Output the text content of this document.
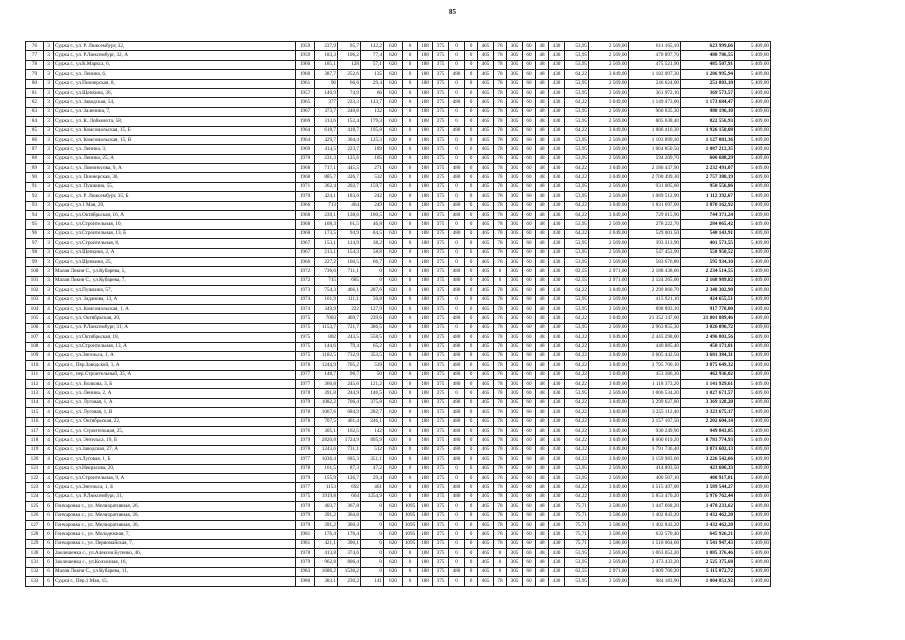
85
76	3	Суджа г., ул. Р. Люксембург, 32,	1959	237,9	95,7	142,2	620	0	188	375	0	0	465	78	305	60	48	430	53,95	2 569,00	611 165,10	623 999,66	5 409,00
77	3	Суджа г., ул. Р.Люксембург, 32, А	1959	183,3	106,2	77,4	620	0	188	375	0	0	465	78	305	60	48	430	53,95	2 569,00	470 897,70	480 786,55	5 409,00
78	3	Суджа г., ул.К.Маркса, 6,	1960	185,1	128	57,1	620	0	188	375	0	0	465	78	305	60	48	430	53,95	2 569,00	475 521,90	485 507,91	5 409,00
79	3	Суджа г., ул. Ленина, 6,	1960	387,7	252,6	135	620	0	188	375	480	0	465	78	305	60	48	430	64,22	3 049,00	1 182 097,30	1 206 995,94	5 409,00
80	3	Суджа г., ул.Пионерская, 8,	1961	96	66,6	29,4	620	0	188	375	0	0	465	78	305	60	48	430	53,95	2 569,00	246 624,00	251 803,10	5 409,00
81	3	Суджа г., ул.Щепкина, 36,	1957	140,9	74,9	66	620	0	188	375	0	0	465	78	305	60	48	430	53,95	2 569,00	361 972,10	369 573,57	5 409,00
82	3	Суджа г., ул. Заводская, 54,	1965	377	233,3	143,7	620	0	188	375	480	0	465	78	305	60	48	430	64,22	3 049,00	1 149 473,00	1 173 684,47	5 409,00
83	3	Суджа г., ул. Заленина, 7,	1967	373,7	240,8	132	620	0	188	375	0	0	465	78	305	60	48	430	53,95	2 569,00	960 035,30	980 196,10	5 409,00
84	3	Суджа г., ул. К. Либкнехта, 58,	1969	313,6	152,4	179,3	620	0	188	375	0	0	465	78	305	60	48	430	53,95	2 569,00	805 638,40	822 556,93	5 409,00
85	3	Суджа г., ул. Комсомольская, 15, Б	1964	618,7	418,7	195,8	620	0	188	375	480	0	465	78	305	60	48	430	64,22	3 049,00	1 886 416,30	1 926 150,08	5 409,00
86	3	Суджа г., ул. Комсомольская, 15, В	1964	429,7	304,4	125,3	620	0	188	375	0	0	465	78	305	60	48	430	53,95	2 569,00	1 103 899,30	1 127 081,36	5 409,00
87	3	Суджа г., ул. Ленина, 3,	1969	414,5	223,7	189	620	0	188	375	0	0	465	78	305	60	48	430	53,95	2 569,00	1 064 850,50	1 087 212,35	5 409,00
88	3	Суджа г., ул. Ленина, 25, А	1970	231,3	125,6	105	620	0	188	375	0	0	465	78	305	60	48	430	53,95	2 569,00	594 209,70	606 688,29	5 409,00
89	3	Суджа г., ул. Ломоносова, 9, А	1968	717,1	445,5	271	620	0	188	375	480	0	465	78	305	60	48	430	64,22	3 049,00	2 186 437,90	2 232 491,07	5 409,00
90	3	Суджа г., ул. Пионерская, 36,	1968	885,7	326,7	532	620	0	188	375	480	0	465	78	305	60	48	430	64,22	3 049,00	2 700 499,30	2 757 380,19	5 409,00
91	3	Суджа г., ул. Пушкина, 55,	1971	362,4	202,7	159,7	620	0	188	375	0	0	465	78	305	60	48	430	53,95	2 569,00	931 005,60	950 556,86	5 409,00
92	3	Суджа г., ул. Р. Люксембург, 35, Б	1970	424,1	183,6	242	620	0	188	375	0	0	465	78	305	60	48	430	53,95	2 569,00	1 089 512,90	1 112 392,67	5 409,00
93	3	Суджа г., ул.1 Мая, 20,	1966	713	464	249	620	0	188	375	480	0	465	78	305	60	48	430	64,22	3 049,00	1 831 697,00	1 870 162,92	5 409,00
94	3	Суджа г., ул.Октябрьская, 16, А	1968	239,1	138,6	100,5	620	0	188	375	480	0	465	78	305	60	48	430	64,22	3 049,00	729 015,90	744 371,24	5 409,00
95	3	Суджа г., ул.Строительная, 10,	1968	108,3	61,5	46,8	620	0	188	375	0	0	465	78	305	60	48	430	53,95	2 569,00	278 222,70	284 065,42	5 409,00
96	3	Суджа г., ул.Строительная, 13, Б	1968	173,5	94,9	84,5	620	0	188	375	480	0	465	78	305	60	48	430	64,22	3 049,00	529 001,50	540 143,91	5 409,00
97	3	Суджа г., ул.Строительная, 8,	1967	153,1	114,9	38,2	620	0	188	375	0	0	465	78	305	60	48	430	53,95	2 569,00	393 313,90	401 573,55	5 409,00
98	3	Суджа г., ул.Щепкина, 2, А	1967	213,1	154,3	58,8	620	0	188	375	0	0	465	78	305	60	48	430	53,95	2 569,00	547 453,90	558 950,52	5 409,00
99	3	Суджа г., ул.Щепкина, 25,	1966	227,2	160,5	66,7	620	0	188	375	0	0	465	78	305	60	48	430	53,95	2 569,00	583 676,80	595 934,10	5 409,00
100	3	Малая Локня С., ул.Кубарева, 5,	1972	736,6	711,1	0	620	0	188	375	480	0	465	0	305	60	48	430	62,55	2 971,00	2 188 438,60	2 234 514,55	5 409,00
101	3	Малая Локня С., ул.Кубарева, 7,	1972	715	685	0	620	0	188	375	480	0	465	0	305	60	48	430	62,55	2 971,00	2 124 265,00	2 168 989,82	5 409,00
102	3	Суджа г., ул.Пушкина, 57,	1973	754,3	466,1	287,6	620	0	188	375	480	0	465	78	305	60	48	430	64,22	3 049,00	2 299 860,70	2 348 302,90	5 409,00
103	4	Суджа г., ул. Заданова, 13, А	1974	161,9	111,1	50,8	620	0	188	375	0	0	465	78	305	60	48	430	53,95	2 569,00	415 921,10	424 655,51	5 409,00
104	4	Суджа г., ул. Комсомольская, 1, А	1974	349,9	222	127,9	620	0	188	375	0	0	465	78	305	60	48	430	53,95	2 569,00	898 893,10	917 770,00	5 409,00
105	4	Суджа г., ул. Октябрьская, 20,	1975	7003	469,7	239,6	620	0	188	375	480	0	465	78	305	60	48	430	64,22	3 049,00	21 352 147,00	21 801 889,46	5 409,00
106	4	Суджа г., ул. Р.Люксембург, 31, А	1975	1153,7	721,7	386,5	620	0	188	375	0	0	465	78	305	60	48	430	53,95	2 569,00	2 963 855,30	3 026 096,72	5 409,00
107	4	Суджа г., ул.Октябрьская, 18,	1975	802	243,5	558,5	620	0	188	375	480	0	465	78	305	60	48	430	64,22	3 049,00	2 445 298,00	2 496 803,56	5 409,00
108	4	Суджа г., ул.Строительная, 13, А	1975	144,6	79,4	65,2	620	0	188	375	480	0	465	78	305	60	48	430	64,22	3 049,00	440 885,40	450 171,81	5 409,00
109	4	Суджа г., ул.Энгельса, 1, А	1975	1182,5	732,9	353,5	620	0	188	375	480	0	465	78	305	60	48	430	64,22	3 049,00	3 605 442,50	3 681 384,31	5 409,00
110	4	Суджа г., Пер.Заводской, 1, А	1978	1244,9	705,2	539	620	0	188	375	480	0	465	78	305	60	48	430	64,22	3 049,00	3 795 700,10	3 875 649,32	5 409,00
111	4	Суджа г., пер.Строительный, 35, А	1977	148,7	98,7	50	620	0	188	375	480	0	465	78	305	60	48	430	64,22	3 049,00	453 386,30	462 936,02	5 409,00
112	4	Суджа г., ул. Волкова, 3, Б	1977	366,8	245,6	121,2	620	0	188	375	480	0	465	78	305	60	48	430	64,22	3 049,00	1 118 373,20	1 141 929,61	5 409,00
113	4	Суджа г., ул. Ленина, 2, А	1978	391,8	244,9	146,5	620	0	188	375	0	0	465	78	305	60	48	430	53,95	2 569,00	1 006 534,20	1 027 671,57	5 409,00
114	4	Суджа г., ул. Луговая, 1, А	1979	1082,2	706,4	375,8	620	0	188	375	480	0	465	78	305	60	48	430	64,22	3 049,00	3 299 627,80	3 369 128,20	5 409,00
115	4	Суджа г., ул. Луговая, 1, В	1978	1067,6	684,9	282,7	620	0	188	375	480	0	465	78	305	60	48	430	64,22	3 049,00	3 255 112,40	3 323 675,17	5 409,00
116	4	Суджа г., ул. Октябрьская, 22,	1978	707,5	461,4	246,1	620	0	188	375	480	0	465	78	305	60	48	430	64,22	3 049,00	2 157 167,50	2 202 604,14	5 409,00
117	4	Суджа г., ул. Строительная, 25,	1976	305,1	162,5	142	620	0	188	375	480	0	465	78	305	60	48	430	64,22	3 049,00	930 249,90	949 843,85	5 409,00
118	4	Суджа г., ул. Энгельса, 19, Б	1979	2820,8	1724,9	895,9	620	0	188	375	480	0	465	78	305	60	48	430	64,22	3 049,00	8 600 619,20	8 781 774,93	5 409,00
119	4	Суджа г., ул.Заводская, 27, А	1978	1243,6	731,1	512	620	0	188	375	480	0	465	78	305	60	48	430	64,22	3 049,00	3 791 736,40	3 871 602,13	5 409,00
120	4	Суджа г., ул.Луговая, 1, Б	1977	1036,4	685,3	351,1	620	0	188	375	480	0	465	78	305	60	48	430	64,22	3 049,00	3 159 983,60	3 226 542,66	5 409,00
121	4	Суджа г., ул.Некрасова, 20,	1978	161,5	87,3	47,2	620	0	188	375	0	0	465	78	305	60	48	430	53,95	2 569,00	414 893,50	423 606,33	5 409,00
122	4	Суджа г., ул.Строительная, 9, А	1979	155,9	126,7	29,4	620	0	188	375	0	0	465	78	305	60	48	430	53,95	2 569,00	400 507,10	408 917,81	5 409,00
123	4	Суджа г., ул.Энгельса, 1, Б	1977	1153	692	461	620	0	188	375	480	0	465	78	305	60	48	430	64,22	3 049,00	3 515 497,00	3 589 544,27	5 409,00
124	5	Суджа г., ул. Р.Люксембург, 31,	1975	1919,8	664	1254,9	620	0	188	375	480	0	465	78	305	60	48	430	64,22	3 049,00	5 853 470,20	5 976 762,44	5 409,00
125	6	Гончаровка с., ул. Мелиоративная, 26,	1979	403,7	367,8	0	620	1095	188	375	0	0	465	78	305	60	48	430	75,71	3 586,00	1 447 668,20	1 478 233,62	5 409,00
126	6	Гончаровка с., ул. Мелиоративная, 28,	1979	391,2	364,8	0	620	1095	188	375	0	0	465	78	305	60	48	430	75,71	3 586,00	1 402 843,20	1 432 462,20	5 409,00
127	6	Гончаровка с., ул. Мелиоративная, 30,	1979	391,2	360,4	0	620	1095	188	375	0	0	465	78	305	60	48	430	75,71	3 586,00	1 402 843,20	1 432 462,20	5 409,00
128	6	Гончаровка с., ул. Молодежная, 7,	1981	176,4	176,4	0	620	1095	188	375	0	0	465	78	305	60	48	430	75,71	3 586,00	632 570,40	645 926,21	5 409,00
129	6	Гончаровка с., ул. Первомайская, 7,	1981	421,1	390,1	0	620	1095	188	375	0	0	465	78	305	60	48	430	75,71	3 586,00	1 510 064,60	1 541 947,43	5 409,00
130	6	Заолешенка с., ул.Алексея Бутенко, 46,	1978	413,8	374,6	0	620	0	188	375	0	0	465	0	305	60	48	430	53,95	2 569,00	1 063 052,20	1 085 376,46	5 409,00
131	6	Заолешенка с., ул.Колхозная, 16,	1979	962,8	806,4	0	620	0	188	375	0	0	465	0	305	60	48	430	53,95	2 569,00	2 473 433,20	2 525 375,68	5 409,00
132	6	Малая Локня С., ул.Кубарева, 11,	1983	1686,2	1530,2	0	620	0	188	375	480	0	465	0	305	60	48	430	62,55	2 971,00	5 009 700,20	5 115 072,72	5 409,00
133	6	Суджа г., Пер.1 Мая, 15,	1980	383,1	230,2	141	620	0	188	375	0	0	465	78	305	60	48	430	53,95	2 569,00	984 183,90	1 004 851,92	5 409,00
